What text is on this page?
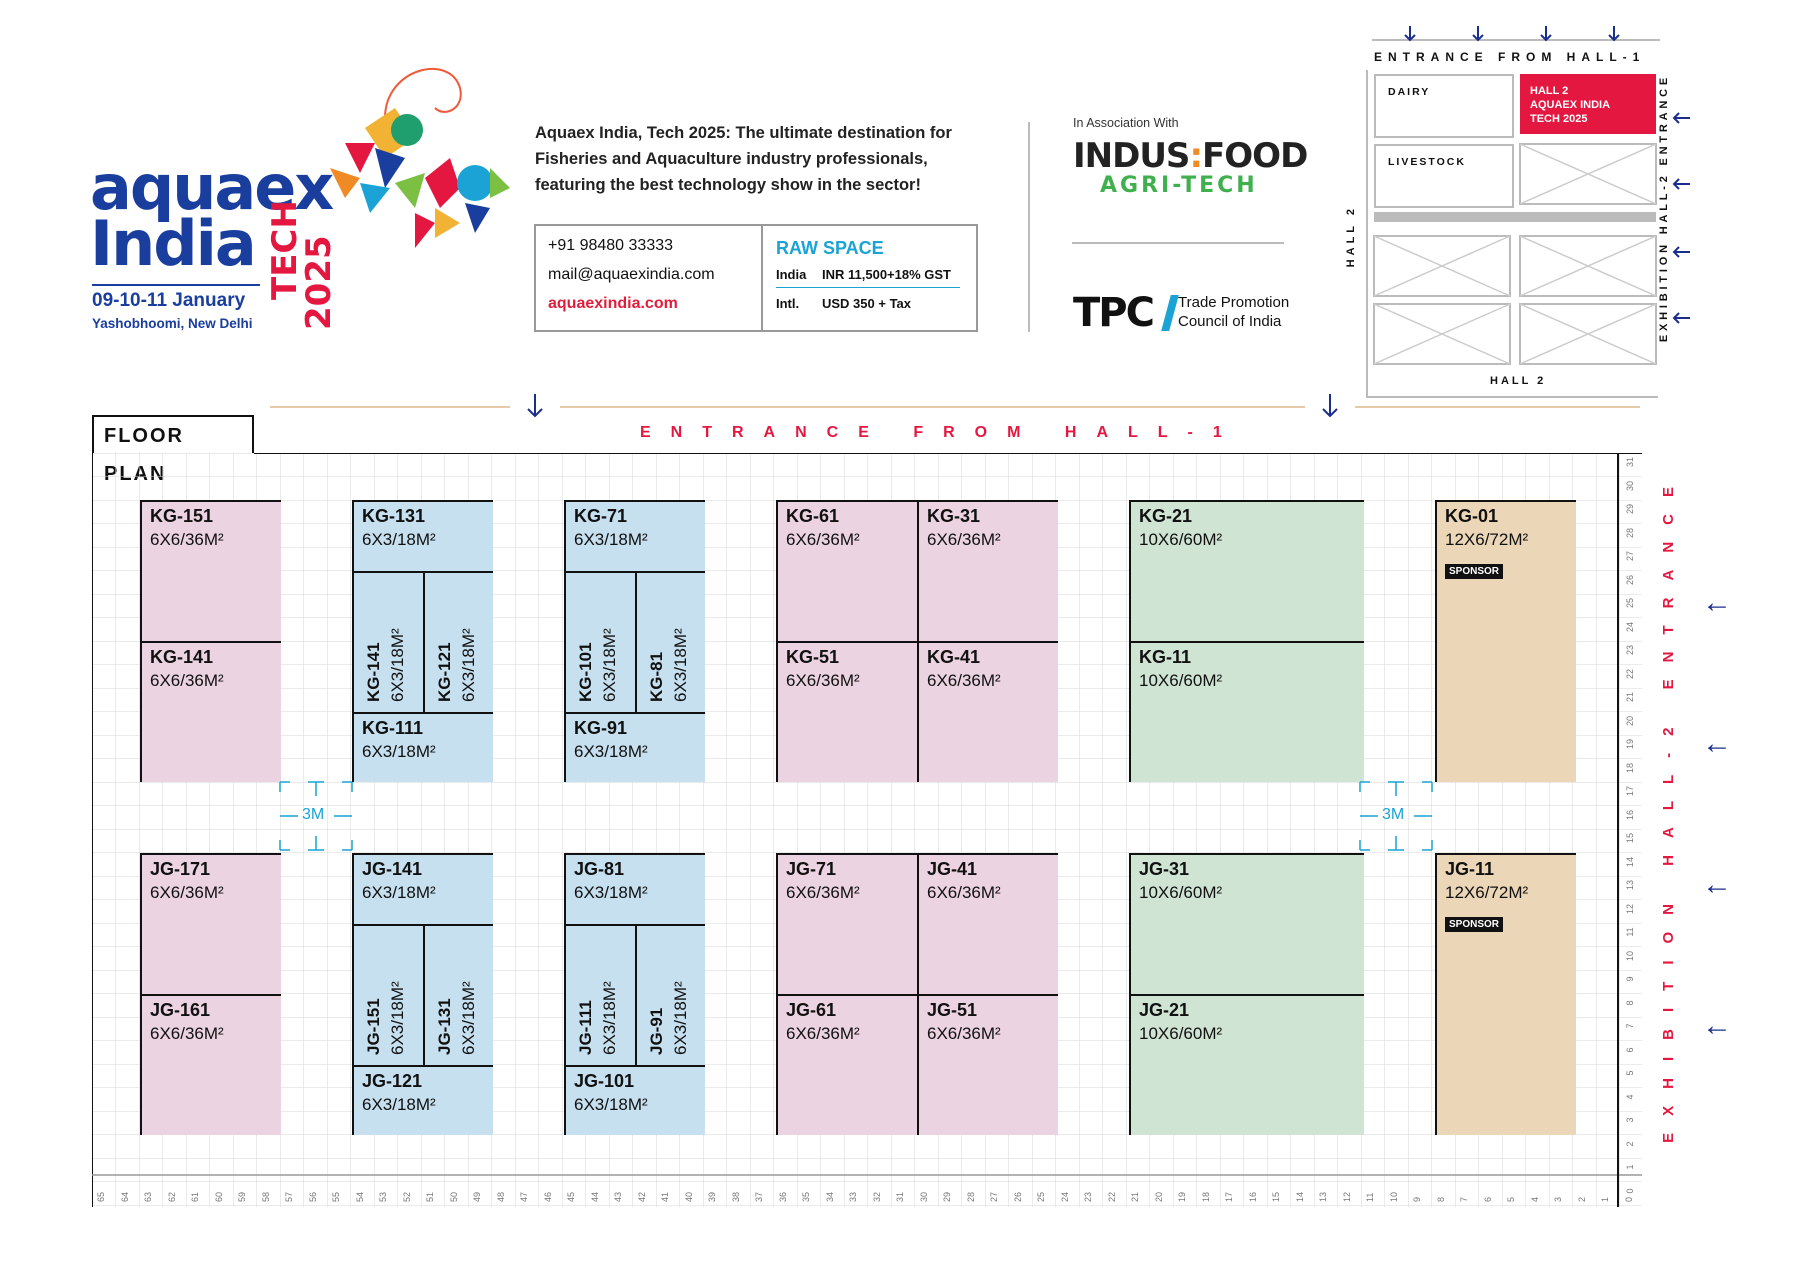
aquaex
India TECH
2025
09-10-11 January
Yashobhoomi, New Delhi
Aquaex India, Tech 2025: The ultimate destination for Fisheries and Aquaculture industry professionals, featuring the best technology show in the sector!
+91 98480 33333
mail@aquaexindia.com
aquaexindia.com
RAW SPACE
India INR 11,500+18% GST
Intl. USD 350 + Tax
In Association With
INDUS:FOOD
AGRI-TECH
TPC Trade Promotion
Council of India
ENTRANCE FROM HALL-1
DAIRY	HALL 2
AQUAEX INDIA
TECH 2025
LIVESTOCK
HALL 2
HALL 2
EXHIBITION HALL-2 ENTRANCE
FLOOR	ENTRANCE FROM HALL-1
KG-151
6X6/36M²
KG-141
6X6/36M²
KG-131
6X3/18M²
KG-141 6X3/18M² KG-121 6X3/18M²
KG-111
6X3/18M²
KG-71
6X3/18M²
KG-101 6X3/18M² KG-81 6X3/18M²
KG-91
6X3/18M²
KG-61
6X6/36M²
KG-31
6X6/36M²
KG-51
6X6/36M²
KG-41
6X6/36M²
KG-21
10X6/60M²
KG-11
10X6/60M²
KG-01
12X6/72M²
SPONSOR
JG-171
6X6/36M²
JG-161
6X6/36M²
JG-141
6X3/18M²
JG-151 6X3/18M² JG-131 6X3/18M²
JG-121
6X3/18M²
JG-81
6X3/18M²
JG-111 6X3/18M² JG-91 6X3/18M²
JG-101
6X3/18M²
JG-71
6X6/36M²
JG-41
6X6/36M²
JG-61
6X6/36M²
JG-51
6X6/36M²
JG-31
10X6/60M²
JG-21
10X6/60M²
JG-11
12X6/72M²
SPONSOR
65 64 63 62 61 60 59 58 57 56 55 54 53 52 51 50 49 48 47 46 45 44 43 42 41 40 39 38 37 36 35 34 33 32 31 30 29 28 27 26 25 24 23 22 21 20 19 18 17 16 15 14 13 12 11 10 9 8 7 6 5 4 3 2 1 0
31
30
29
28
27
26
25
24
23
22
21
20
19
18
17
16
15
14
13
12
11
10
9
8
7
6
5
4
3
2
1
0
EXHIBITION HALL-2 ENTRANCE ←
←
←
←
3M	3M
